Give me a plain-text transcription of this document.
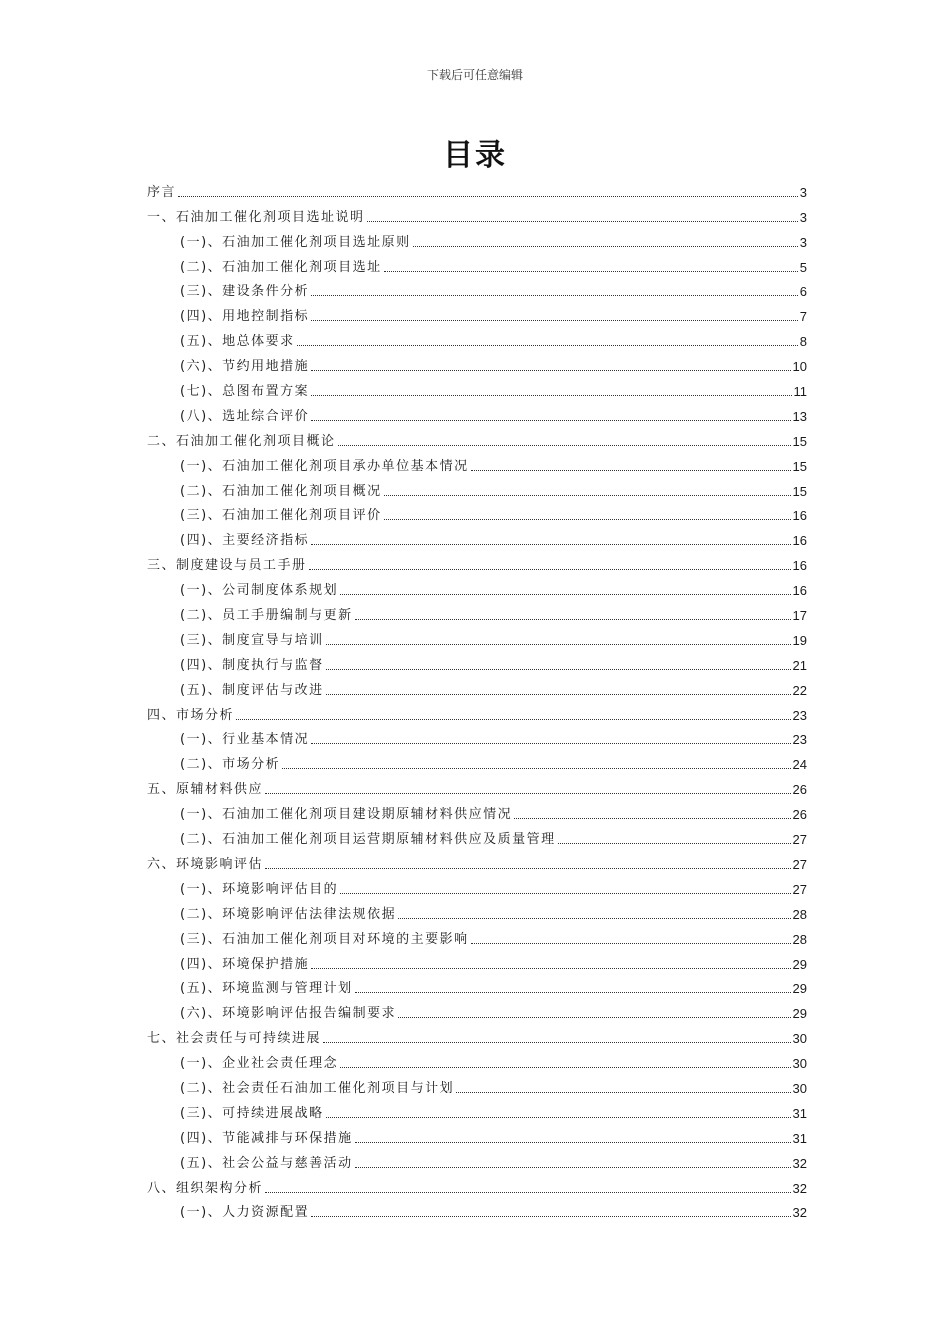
下载后可任意编辑
目录
序言	3
一、石油加工催化剂项目选址说明	3
(一)、石油加工催化剂项目选址原则	3
(二)、石油加工催化剂项目选址	5
(三)、建设条件分析	6
(四)、用地控制指标	7
(五)、地总体要求	8
(六)、节约用地措施	10
(七)、总图布置方案	11
(八)、选址综合评价	13
二、石油加工催化剂项目概论	15
(一)、石油加工催化剂项目承办单位基本情况	15
(二)、石油加工催化剂项目概况	15
(三)、石油加工催化剂项目评价	16
(四)、主要经济指标	16
三、制度建设与员工手册	16
(一)、公司制度体系规划	16
(二)、员工手册编制与更新	17
(三)、制度宣导与培训	19
(四)、制度执行与监督	21
(五)、制度评估与改进	22
四、市场分析	23
(一)、行业基本情况	23
(二)、市场分析	24
五、原辅材料供应	26
(一)、石油加工催化剂项目建设期原辅材料供应情况	26
(二)、石油加工催化剂项目运营期原辅材料供应及质量管理	27
六、环境影响评估	27
(一)、环境影响评估目的	27
(二)、环境影响评估法律法规依据	28
(三)、石油加工催化剂项目对环境的主要影响	28
(四)、环境保护措施	29
(五)、环境监测与管理计划	29
(六)、环境影响评估报告编制要求	29
七、社会责任与可持续进展	30
(一)、企业社会责任理念	30
(二)、社会责任石油加工催化剂项目与计划	30
(三)、可持续进展战略	31
(四)、节能减排与环保措施	31
(五)、社会公益与慈善活动	32
八、组织架构分析	32
(一)、人力资源配置	32
